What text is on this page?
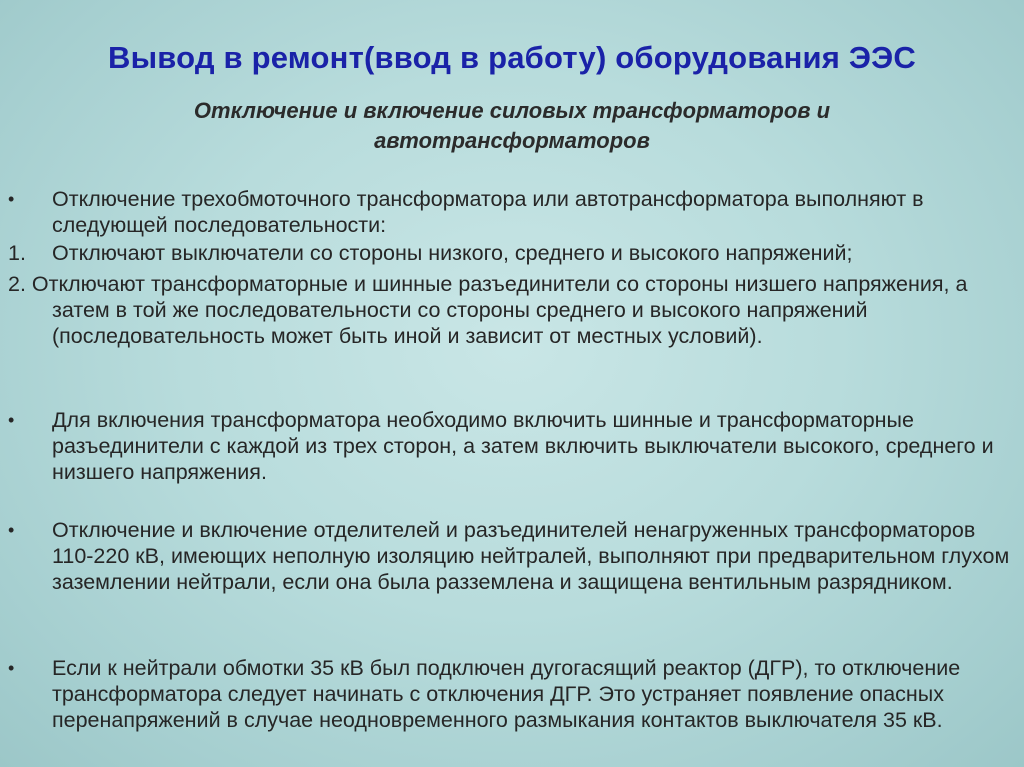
Вывод в ремонт(ввод в работу) оборудования ЭЭС
Отключение и включение силовых трансформаторов и автотрансформаторов
•	Отключение трехобмоточного трансформатора или автотрансформатора выполняют в следующей последовательности:
1.	Отключают выключатели со стороны низкого, среднего и высокого напряжений;
2. Отключают трансформаторные и шинные разъединители со стороны низшего напряжения, а затем в той же последовательности со стороны среднего и высокого напряжений (последовательность может быть иной и зависит от местных условий).
•	Для включения трансформатора необходимо включить шинные и трансформаторные разъединители с каждой из трех сторон, а затем включить выключатели высокого, среднего и низшего напряжения.
•	Отключение и включение отделителей и разъединителей ненагруженных трансформаторов 110-220 кВ, имеющих неполную изоляцию нейтралей, выполняют при предварительном глухом заземлении нейтрали, если она была разземлена и защищена вентильным разрядником.
•	Если к нейтрали обмотки 35 кВ был подключен дугогасящий реактор (ДГР), то отключение трансформатора следует начинать с отключения ДГР. Это устраняет появление опасных перенапряжений в случае неодновременного размыкания контактов выключателя 35 кВ.
